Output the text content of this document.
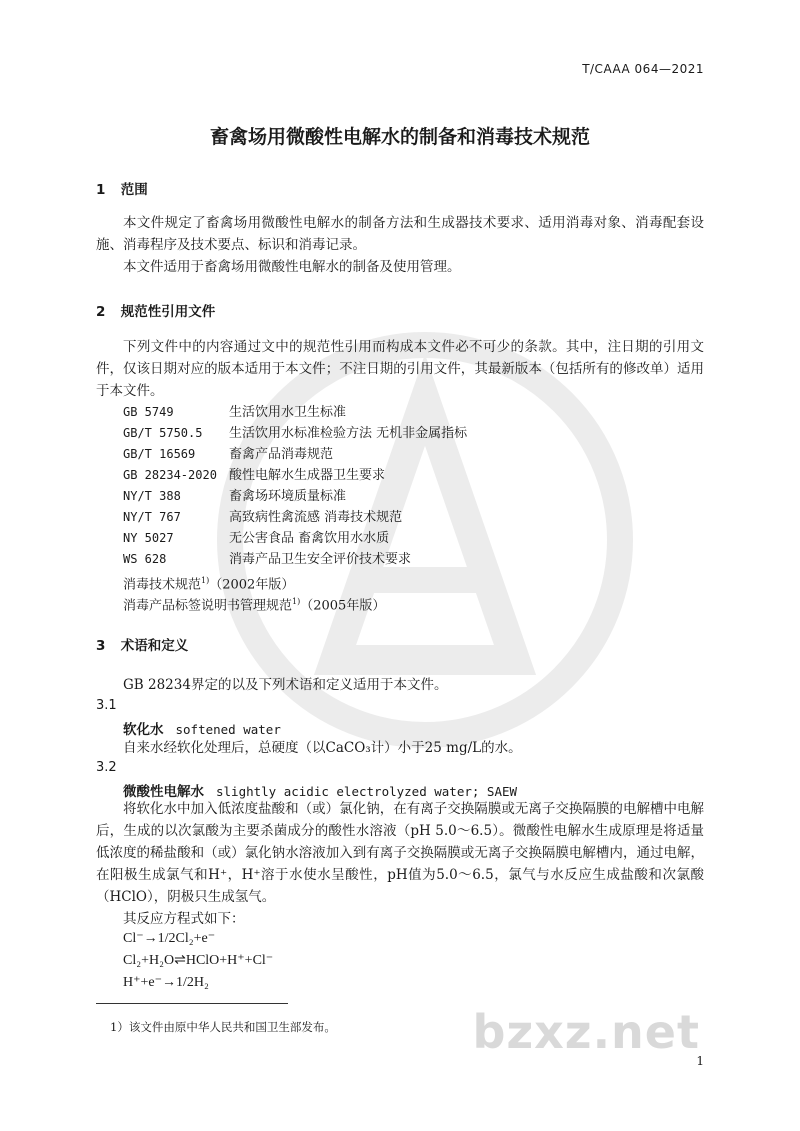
T/CAAA 064—2021
畜禽场用微酸性电解水的制备和消毒技术规范
1 范围
本文件规定了畜禽场用微酸性电解水的制备方法和生成器技术要求、适用消毒对象、消毒配套设施、消毒程序及技术要点、标识和消毒记录。
本文件适用于畜禽场用微酸性电解水的制备及使用管理。
2 规范性引用文件
下列文件中的内容通过文中的规范性引用而构成本文件必不可少的条款。其中，注日期的引用文件，仅该日期对应的版本适用于本文件；不注日期的引用文件，其最新版本（包括所有的修改单）适用于本文件。
GB 5749	生活饮用水卫生标准
GB/T 5750.5 生活饮用水标准检验方法 无机非金属指标
GB/T 16569	畜禽产品消毒规范
GB 28234-2020 酸性电解水生成器卫生要求
NY/T 388	畜禽场环境质量标准
NY/T 767	高致病性禽流感 消毒技术规范
NY 5027	无公害食品 畜禽饮用水水质
WS 628	消毒产品卫生安全评价技术要求
消毒技术规范$^{1)}$（2002年版）
消毒产品标签说明书管理规范$^{1)}$（2005年版）
3 术语和定义
GB 28234界定的以及下列术语和定义适用于本文件。
3.1
软化水 softened water
自来水经软化处理后，总硬度（以CaCO₃计）小于25 mg/L的水。
3.2
微酸性电解水 slightly acidic electrolyzed water; SAEW
将软化水中加入低浓度盐酸和（或）氯化钠，在有离子交换隔膜或无离子交换隔膜的电解槽中电解后，生成的以次氯酸为主要杀菌成分的酸性水溶液（pH 5.0～6.5）。微酸性电解水生成原理是将适量低浓度的稀盐酸和（或）氯化钠水溶液加入到有离子交换隔膜或无离子交换隔膜电解槽内，通过电解，在阳极生成氯气和H⁺，H⁺溶于水使水呈酸性，pH值为5.0～6.5，氯气与水反应生成盐酸和次氯酸（HClO），阴极只生成氢气。
其反应方程式如下：
Cl⁻→1/2Cl₂+e⁻
Cl₂+H₂O⇌HClO+H⁺+Cl⁻
H⁺+e⁻→1/2H₂
1）该文件由原中华人民共和国卫生部发布。	bzxz.net
1
